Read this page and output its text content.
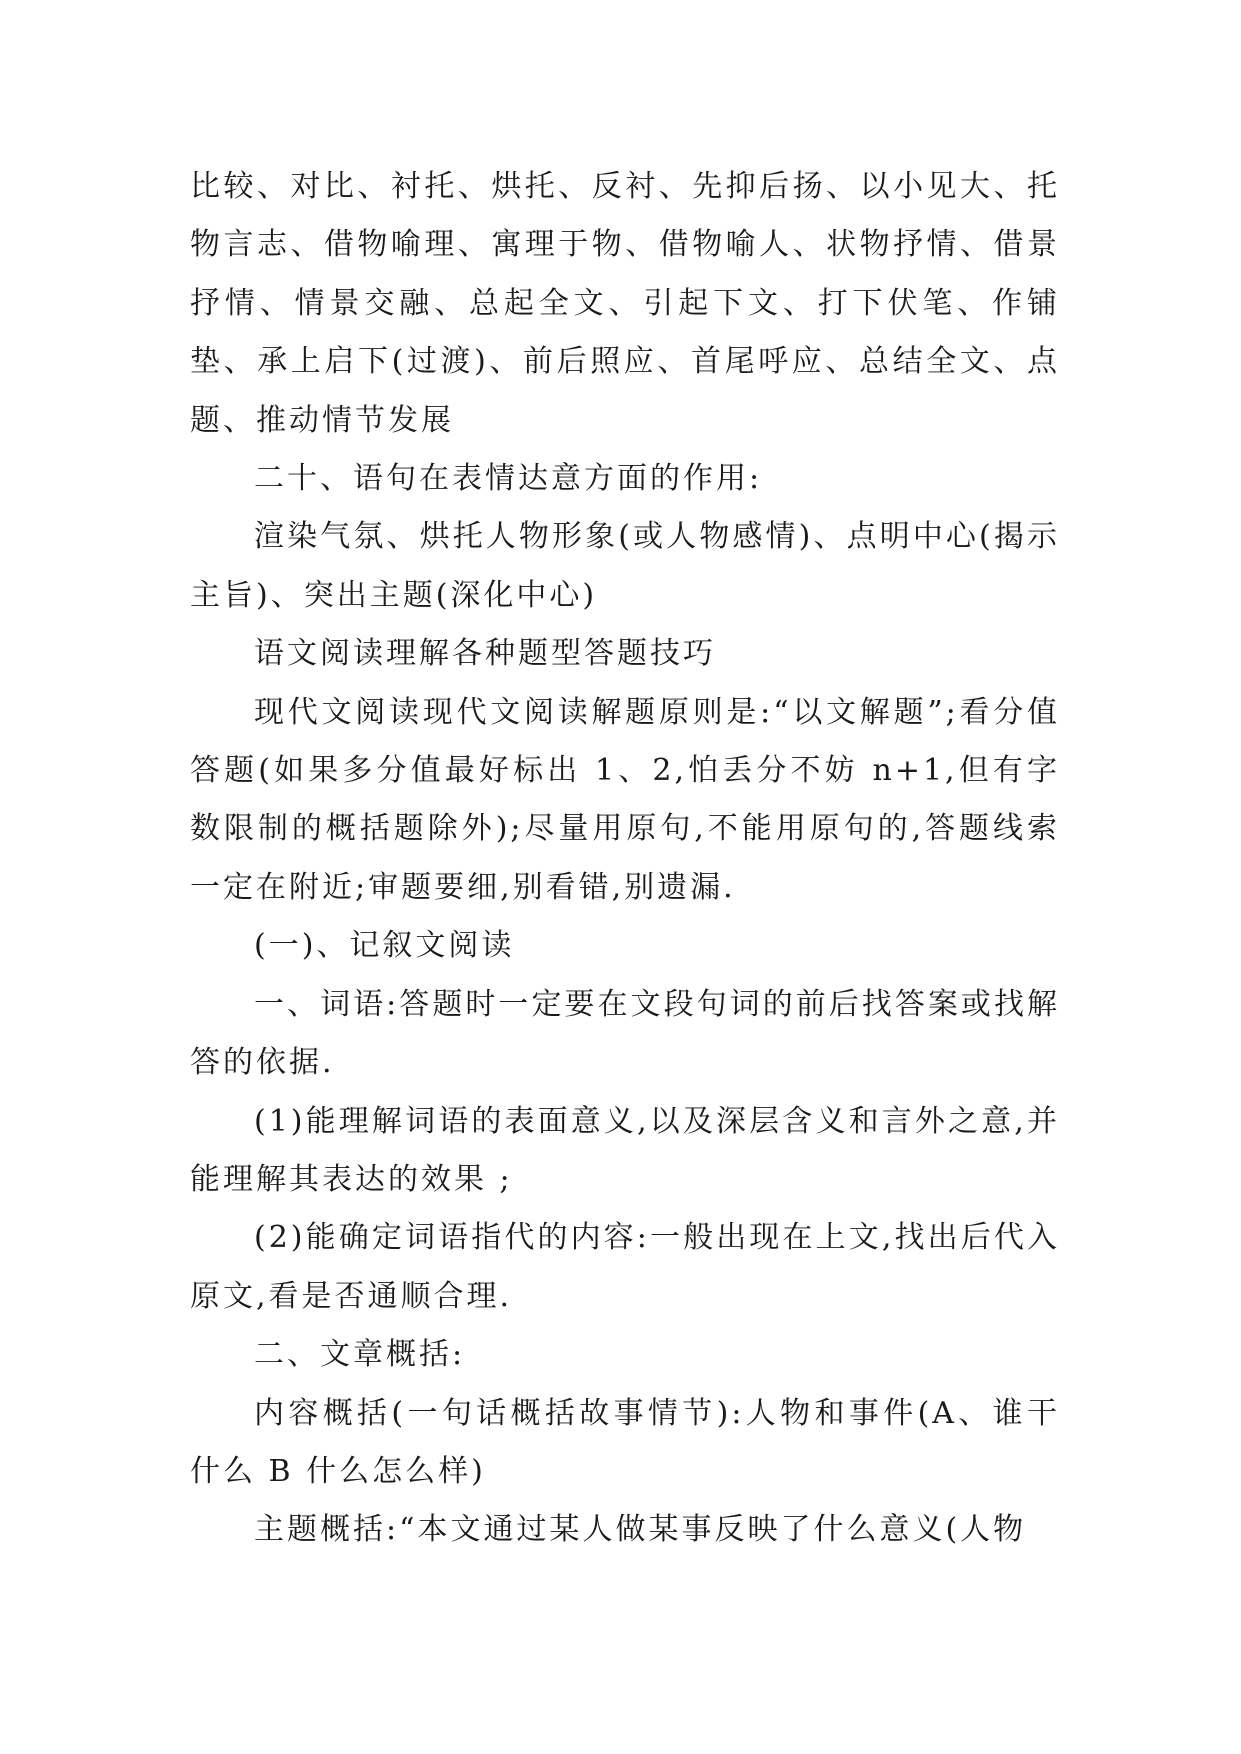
比较、对比、衬托、烘托、反衬、先抑后扬、以小见大、托物言志、借物喻理、寓理于物、借物喻人、状物抒情、借景抒情、情景交融、总起全文、引起下文、打下伏笔、作铺垫、承上启下(过渡)、前后照应、首尾呼应、总结全文、点题、推动情节发展

二十、语句在表情达意方面的作用:

渲染气氛、烘托人物形象(或人物感情)、点明中心(揭示主旨)、突出主题(深化中心)

语文阅读理解各种题型答题技巧

现代文阅读现代文阅读解题原则是:“以文解题”;看分值答题(如果多分值最好标出 1、2,怕丢分不妨 n+1,但有字数限制的概括题除外);尽量用原句,不能用原句的,答题线索一定在附近;审题要细,别看错,别遗漏.

(一)、记叙文阅读

一、词语:答题时一定要在文段句词的前后找答案或找解答的依据.

(1)能理解词语的表面意义,以及深层含义和言外之意,并能理解其表达的效果 ;

(2)能确定词语指代的内容:一般出现在上文,找出后代入原文,看是否通顺合理.

二、文章概括:

内容概括(一句话概括故事情节):人物和事件(A、谁干什么 B 什么怎么样)

主题概括:“本文通过某人做某事反映了什么意义(人物
